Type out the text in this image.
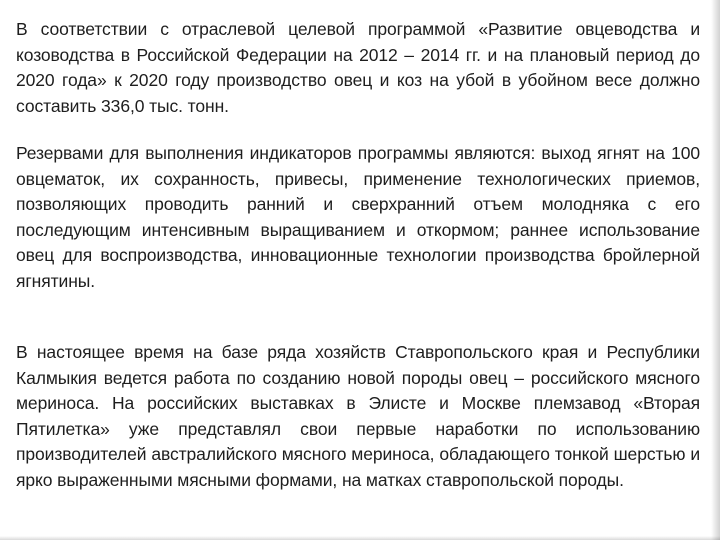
В соответствии с отраслевой целевой программой «Развитие овцеводства и козоводства в Российской Федерации на 2012 – 2014 гг. и на плановый период до 2020 года» к 2020 году производство овец и коз на убой в убойном весе должно составить 336,0 тыс. тонн.

Резервами для выполнения индикаторов программы являются: выход ягнят на 100 овцематок, их сохранность, привесы, применение технологических приемов, позволяющих проводить ранний и сверхранний отъем молодняка с его последующим интенсивным выращиванием и откормом; раннее использование овец для воспроизводства, инновационные технологии производства бройлерной ягнятины.

В настоящее время на базе ряда хозяйств Ставропольского края и Республики Калмыкия ведется работа по созданию новой породы овец – российского мясного мериноса. На российских выставках в Элисте и Москве племзавод «Вторая Пятилетка» уже представлял свои первые наработки по использованию производителей австралийского мясного мериноса, обладающего тонкой шерстью и ярко выраженными мясными формами, на матках ставропольской породы.
